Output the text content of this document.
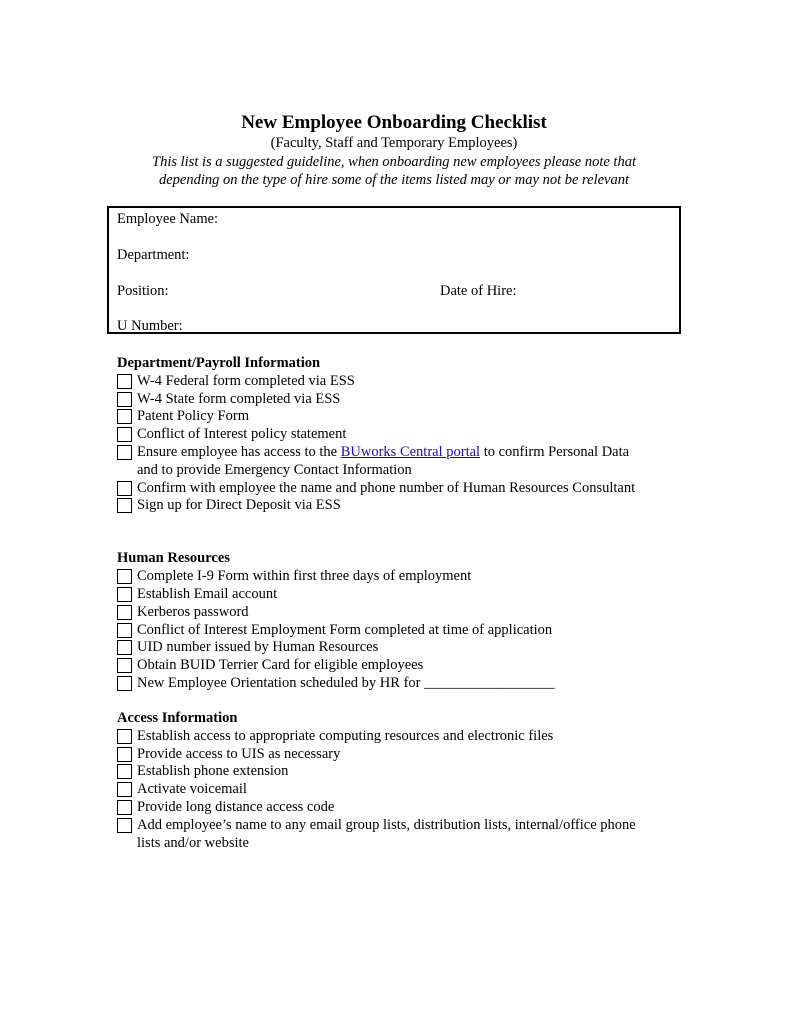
New Employee Onboarding Checklist
(Faculty, Staff and Temporary Employees)
This list is a suggested guideline, when onboarding new employees please note that
depending on the type of hire some of the items listed may or may not be relevant
Employee Name:
Department:
Position:	Date of Hire:
U Number:
Department/Payroll Information
W-4 Federal form completed via ESS
W-4 State form completed via ESS
Patent Policy Form
Conflict of Interest policy statement
Ensure employee has access to the BUworks Central portal to confirm Personal Data
and to provide Emergency Contact Information
Confirm with employee the name and phone number of Human Resources Consultant
Sign up for Direct Deposit via ESS
Human Resources
Complete I-9 Form within first three days of employment
Establish Email account
Kerberos password
Conflict of Interest Employment Form completed at time of application
UID number issued by Human Resources
Obtain BUID Terrier Card for eligible employees
New Employee Orientation scheduled by HR for __________________
Access Information
Establish access to appropriate computing resources and electronic files
Provide access to UIS as necessary
Establish phone extension
Activate voicemail
Provide long distance access code
Add employee’s name to any email group lists, distribution lists, internal/office phone
lists and/or website
